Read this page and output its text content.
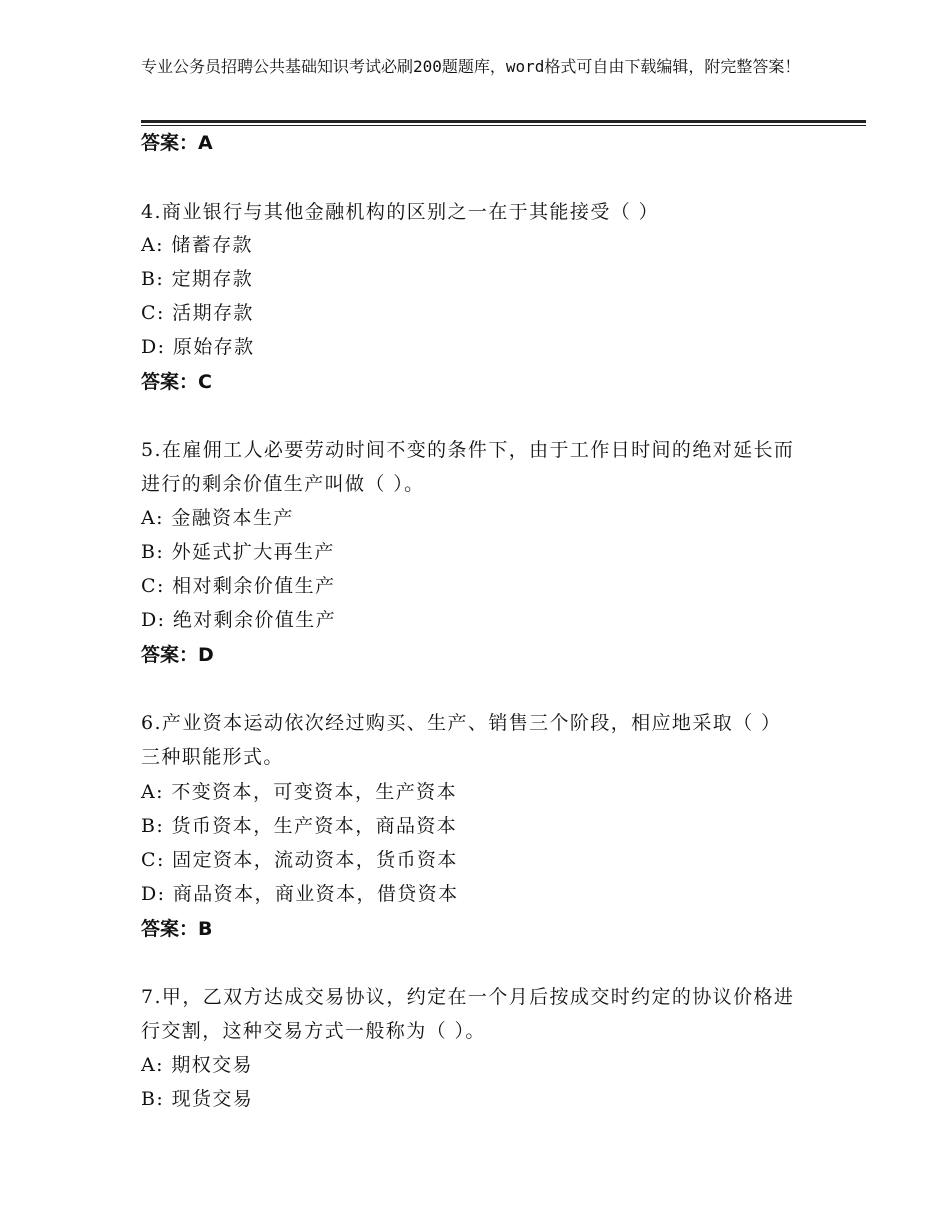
专业公务员招聘公共基础知识考试必刷200题题库，word格式可自由下载编辑，附完整答案！
答案：A
4.商业银行与其他金融机构的区别之一在于其能接受（ ）
A: 储蓄存款
B: 定期存款
C: 活期存款
D: 原始存款
答案：C
5.在雇佣工人必要劳动时间不变的条件下，由于工作日时间的绝对延长而进行的剩余价值生产叫做（ ）。
A: 金融资本生产
B: 外延式扩大再生产
C: 相对剩余价值生产
D: 绝对剩余价值生产
答案：D
6.产业资本运动依次经过购买、生产、销售三个阶段，相应地采取（ ）三种职能形式。
A: 不变资本，可变资本，生产资本
B: 货币资本，生产资本，商品资本
C: 固定资本，流动资本，货币资本
D: 商品资本，商业资本，借贷资本
答案：B
7.甲，乙双方达成交易协议，约定在一个月后按成交时约定的协议价格进行交割，这种交易方式一般称为（ ）。
A: 期权交易
B: 现货交易
